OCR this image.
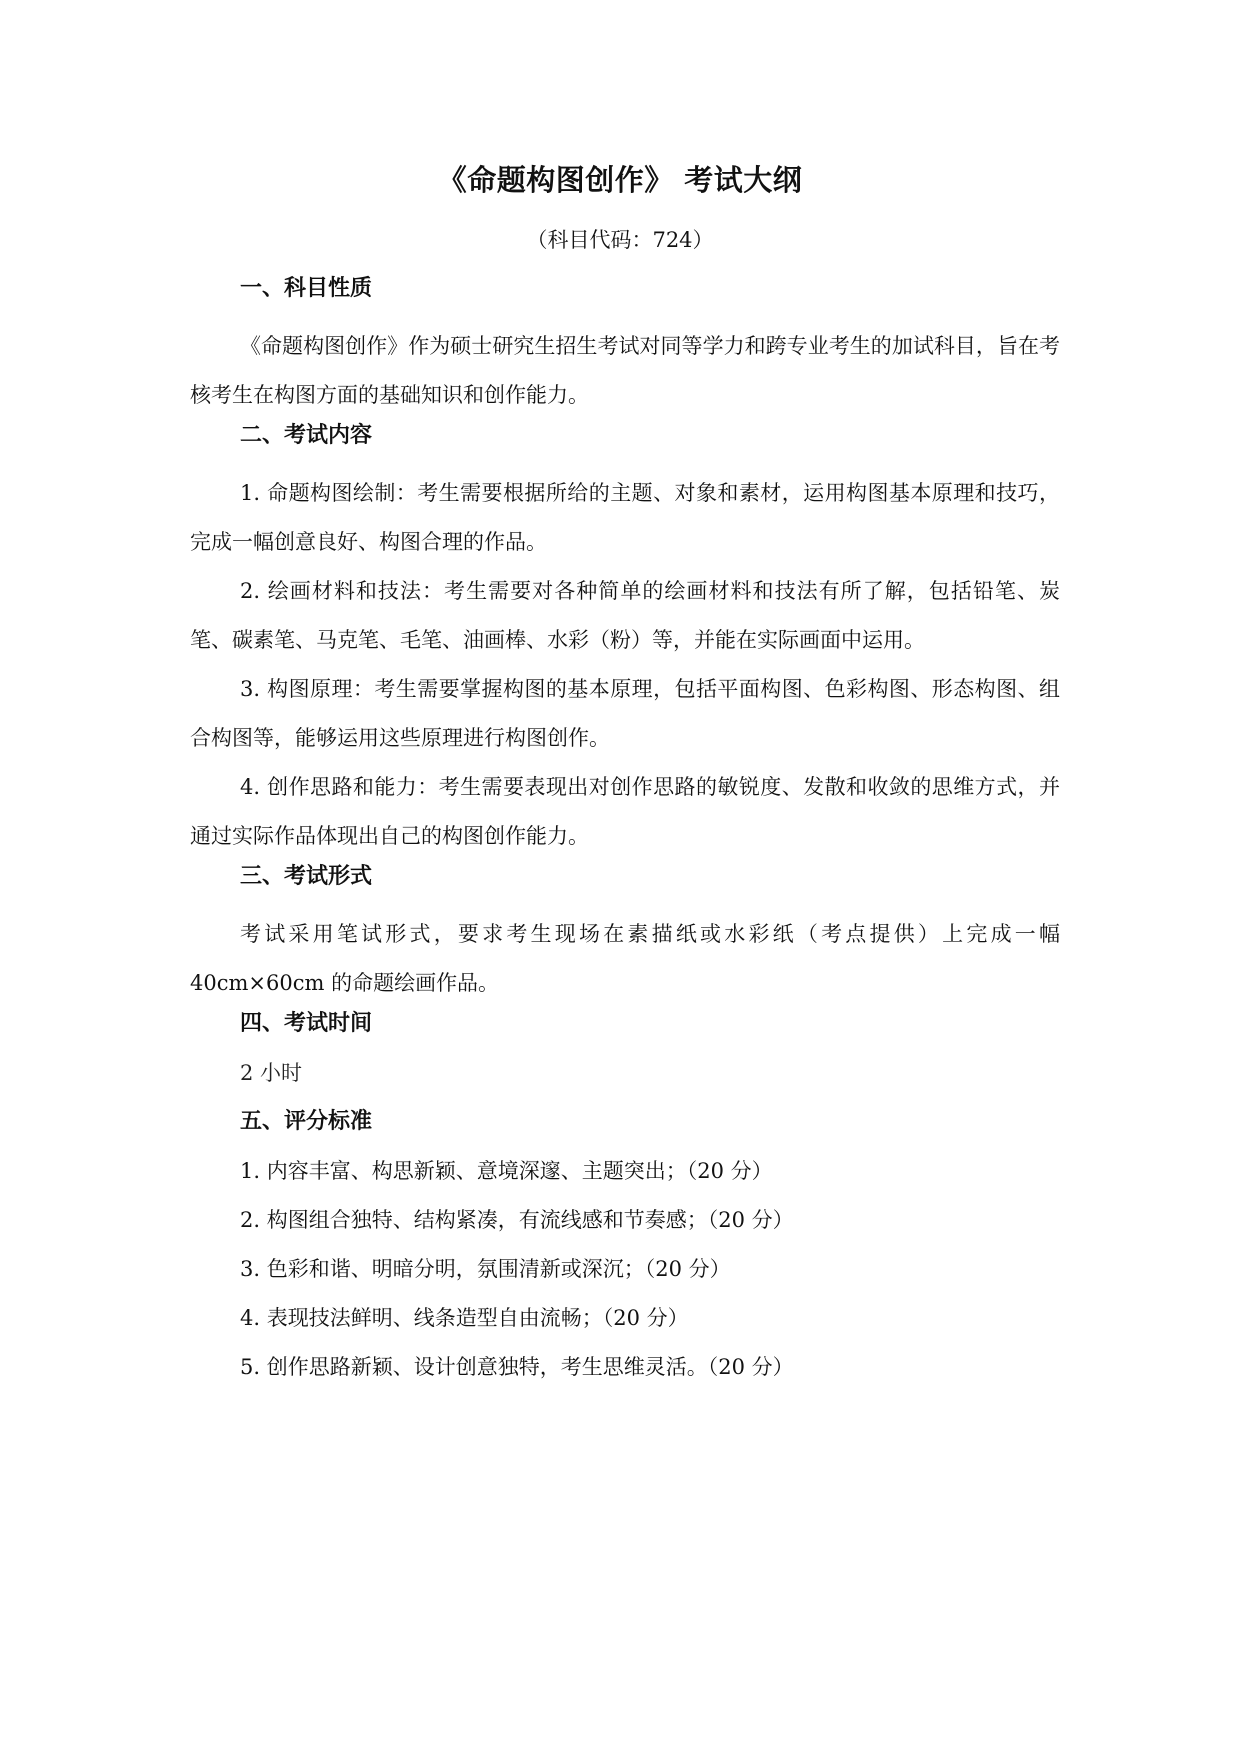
《命题构图创作》 考试大纲

（科目代码：724）

一、科目性质

《命题构图创作》作为硕士研究生招生考试对同等学力和跨专业考生的加试科目，旨在考核考生在构图方面的基础知识和创作能力。

二、考试内容

1. 命题构图绘制：考生需要根据所给的主题、对象和素材，运用构图基本原理和技巧，完成一幅创意良好、构图合理的作品。

2. 绘画材料和技法：考生需要对各种简单的绘画材料和技法有所了解，包括铅笔、炭笔、碳素笔、马克笔、毛笔、油画棒、水彩（粉）等，并能在实际画面中运用。

3. 构图原理：考生需要掌握构图的基本原理，包括平面构图、色彩构图、形态构图、组合构图等，能够运用这些原理进行构图创作。

4. 创作思路和能力：考生需要表现出对创作思路的敏锐度、发散和收敛的思维方式，并通过实际作品体现出自己的构图创作能力。

三、考试形式

考试采用笔试形式，要求考生现场在素描纸或水彩纸（考点提供）上完成一幅 40cm×60cm 的命题绘画作品。

四、考试时间

2 小时

五、评分标准

1. 内容丰富、构思新颖、意境深邃、主题突出；（20 分）

2. 构图组合独特、结构紧凑，有流线感和节奏感；（20 分）

3. 色彩和谐、明暗分明，氛围清新或深沉；（20 分）

4. 表现技法鲜明、线条造型自由流畅；（20 分）

5. 创作思路新颖、设计创意独特，考生思维灵活。（20 分）
